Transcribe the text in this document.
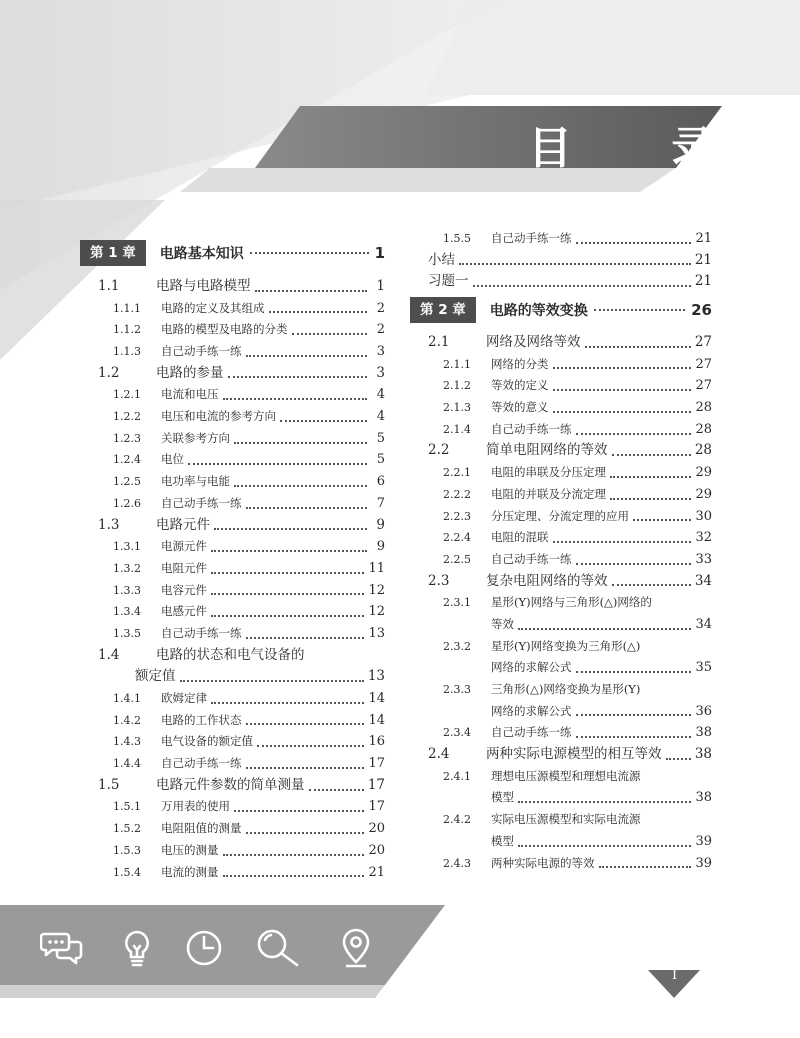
目 录
第 1 章	电路基本知识	1
1.1	电路与电路模型	1
1.1.1	电路的定义及其组成	2
1.1.2	电路的模型及电路的分类	2
1.1.3	自己动手练一练	3
1.2	电路的参量	3
1.2.1	电流和电压	4
1.2.2	电压和电流的参考方向	4
1.2.3	关联参考方向	5
1.2.4	电位	5
1.2.5	电功率与电能	6
1.2.6	自己动手练一练	7
1.3	电路元件	9
1.3.1	电源元件	9
1.3.2	电阻元件	11
1.3.3	电容元件	12
1.3.4	电感元件	12
1.3.5	自己动手练一练	13
1.4	电路的状态和电气设备的
额定值	13
1.4.1	欧姆定律	14
1.4.2	电路的工作状态	14
1.4.3	电气设备的额定值	16
1.4.4	自己动手练一练	17
1.5	电路元件参数的简单测量	17
1.5.1	万用表的使用	17
1.5.2	电阻阻值的测量	20
1.5.3	电压的测量	20
1.5.4	电流的测量	21
1.5.5	自己动手练一练	21
小结	21
习题一	21
第 2 章	电路的等效变换	26
2.1	网络及网络等效	27
2.1.1	网络的分类	27
2.1.2	等效的定义	27
2.1.3	等效的意义	28
2.1.4	自己动手练一练	28
2.2	简单电阻网络的等效	28
2.2.1	电阻的串联及分压定理	29
2.2.2	电阻的并联及分流定理	29
2.2.3	分压定理、分流定理的应用	30
2.2.4	电阻的混联	32
2.2.5	自己动手练一练	33
2.3	复杂电阻网络的等效	34
2.3.1	星形(Y)网络与三角形(△)网络的
等效	34
2.3.2	星形(Y)网络变换为三角形(△)
网络的求解公式	35
2.3.3	三角形(△)网络变换为星形(Y)
网络的求解公式	36
2.3.4	自己动手练一练	38
2.4	两种实际电源模型的相互等效 38
2.4.1	理想电压源模型和理想电流源
模型	38
2.4.2	实际电压源模型和实际电流源
模型	39
2.4.3	两种实际电源的等效	39
I
